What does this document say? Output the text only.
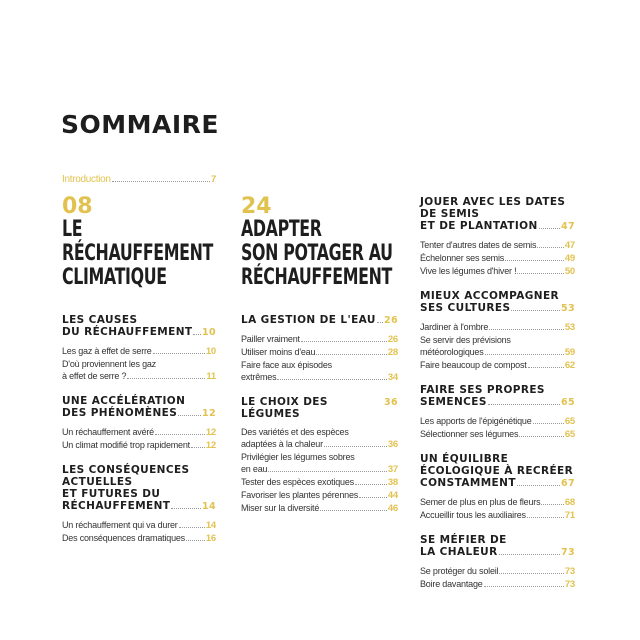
SOMMAIRE
Introduction	7
08
LE
RÉCHAUFFEMENT
CLIMATIQUE
LES CAUSES
DU RÉCHAUFFEMENT 10
Les gaz à effet de serre	10
D'où proviennent les gaz
à effet de serre ?	11
UNE ACCÉLÉRATION
DES PHÉNOMÈNES	12
Un réchauffement avéré	12
Un climat modifié trop rapidement 12
LES CONSÉQUENCES
ACTUELLES
ET FUTURES DU
RÉCHAUFFEMENT	14
Un réchauffement qui va durer	14
Des conséquences dramatiques 16
24
ADAPTER
SON POTAGER AU
RÉCHAUFFEMENT
LA GESTION DE L'EAU 26
Pailler vraiment	26
Utiliser moins d'eau	28
Faire face aux épisodes
extrêmes	34
LE CHOIX DES LÉGUMES
36
Des variétés et des espèces
adaptées à la chaleur	36
Privilégier les légumes sobres
en eau	37
Tester des espèces exotiques	38
Favoriser les plantes pérennes	44
Miser sur la diversité	46
JOUER AVEC LES DATES
DE SEMIS
ET DE PLANTATION 47
Tenter d'autres dates de semis	47
Échelonner ses semis	49
Vive les légumes d'hiver !	50
MIEUX ACCOMPAGNER
SES CULTURES	53
Jardiner à l'ombre	53
Se servir des prévisions
météorologiques	59
Faire beaucoup de compost	62
FAIRE SES PROPRES
SEMENCES	65
Les apports de l'épigénétique	65
Sélectionner ses légumes	65
UN ÉQUILIBRE
ÉCOLOGIQUE À RECRÉER
CONSTAMMENT	67
Semer de plus en plus de fleurs	68
Accueillir tous les auxiliaires	71
SE MÉFIER DE
LA CHALEUR	73
Se protéger du soleil	73
Boire davantage	73
